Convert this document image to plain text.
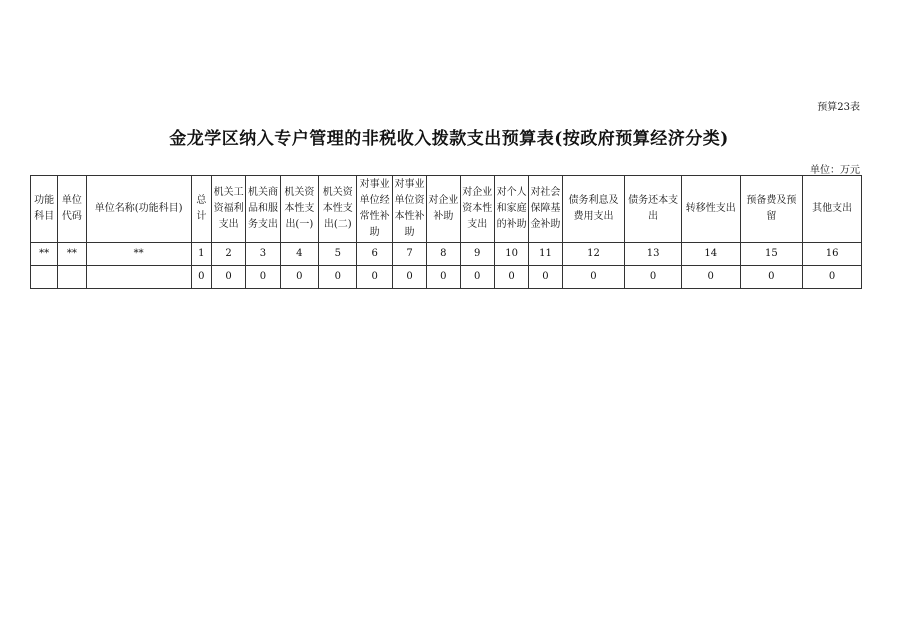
预算23表
金龙学区纳入专户管理的非税收入拨款支出预算表(按政府预算经济分类)
单位：万元
功能科目	单位代码	单位名称(功能科目)	总计	机关工资福利支出	机关商品和服务支出	机关资本性支出(一)	机关资本性支出(二)	对事业单位经常性补助	对事业单位资本性补助	对企业补助	对企业资本性支出	对个人和家庭的补助	对社会保障基金补助	债务利息及费用支出	债务还本支出	转移性支出	预备费及预留	其他支出
**	**	**	1	2	3	4	5	6	7	8	9	10	11	12	13	14	15	16
			0	0	0	0	0	0	0	0	0	0	0	0	0	0	0	0
